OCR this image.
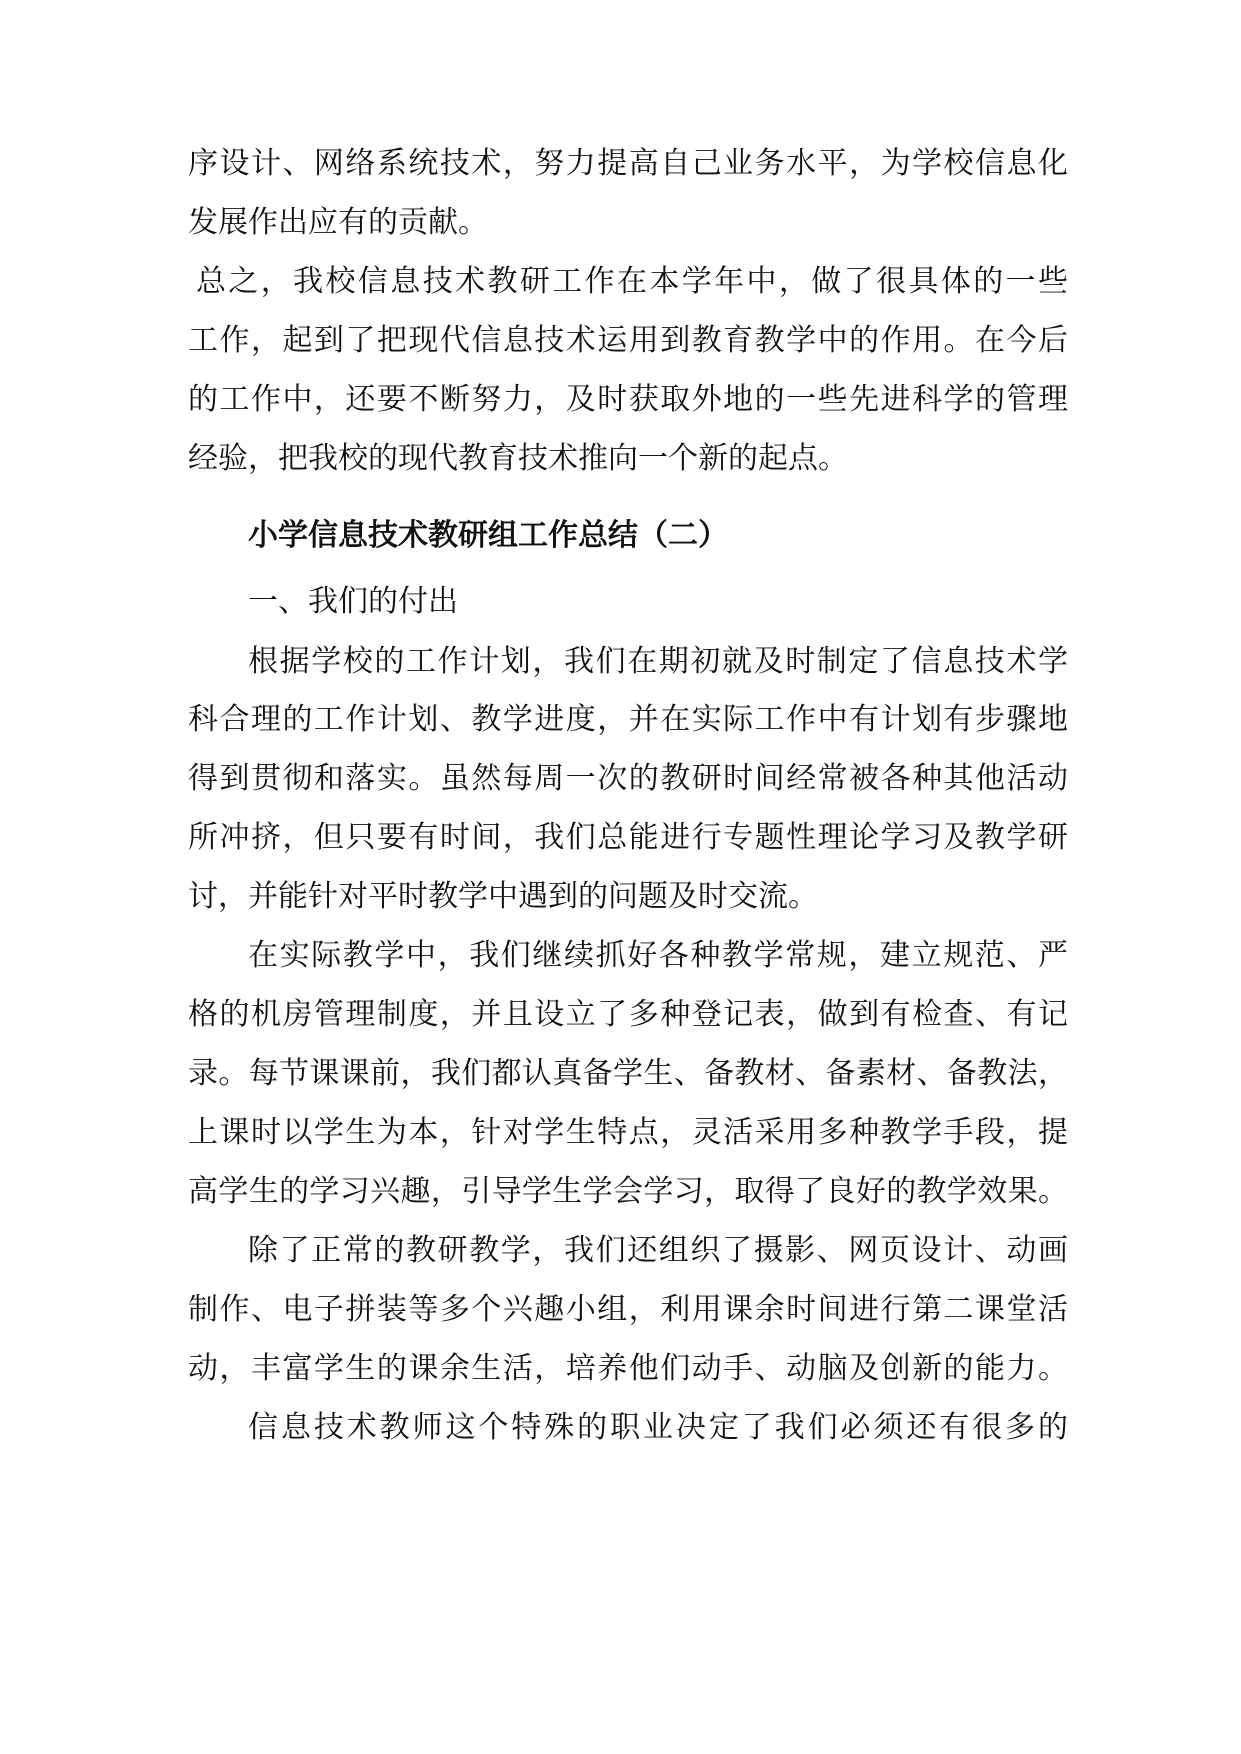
序设计、网络系统技术，努力提高自己业务水平，为学校信息化
发展作出应有的贡献。
总之，我校信息技术教研工作在本学年中，做了很具体的一些
工作，起到了把现代信息技术运用到教育教学中的作用。在今后
的工作中，还要不断努力，及时获取外地的一些先进科学的管理
经验，把我校的现代教育技术推向一个新的起点。
小学信息技术教研组工作总结（二）
一、我们的付出
根据学校的工作计划，我们在期初就及时制定了信息技术学
科合理的工作计划、教学进度，并在实际工作中有计划有步骤地
得到贯彻和落实。虽然每周一次的教研时间经常被各种其他活动
所冲挤，但只要有时间，我们总能进行专题性理论学习及教学研
讨，并能针对平时教学中遇到的问题及时交流。
在实际教学中，我们继续抓好各种教学常规，建立规范、严
格的机房管理制度，并且设立了多种登记表，做到有检查、有记
录。每节课课前，我们都认真备学生、备教材、备素材、备教法，
上课时以学生为本，针对学生特点，灵活采用多种教学手段，提
高学生的学习兴趣，引导学生学会学习，取得了良好的教学效果。
除了正常的教研教学，我们还组织了摄影、网页设计、动画
制作、电子拼装等多个兴趣小组，利用课余时间进行第二课堂活
动，丰富学生的课余生活，培养他们动手、动脑及创新的能力。
信息技术教师这个特殊的职业决定了我们必须还有很多的
